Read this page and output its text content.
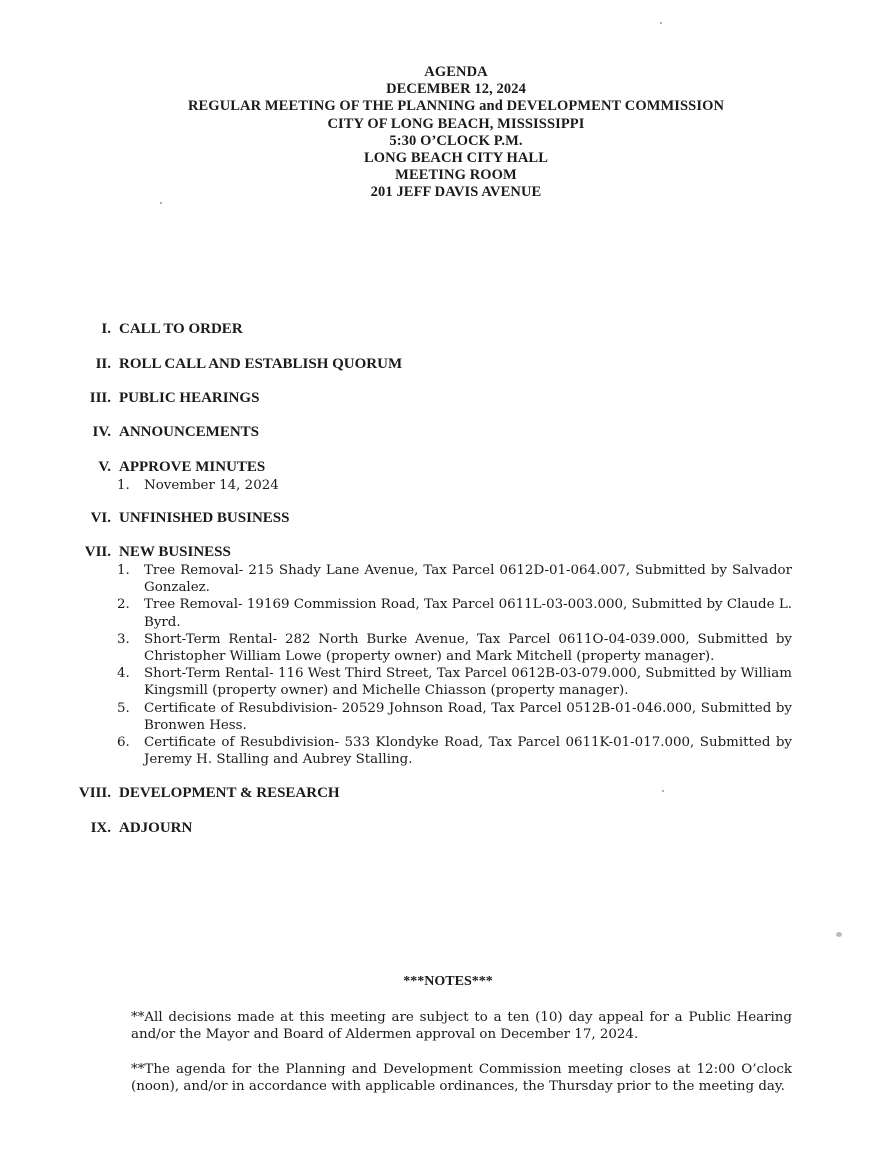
AGENDA
DECEMBER 12, 2024
REGULAR MEETING OF THE PLANNING and DEVELOPMENT COMMISSION
CITY OF LONG BEACH, MISSISSIPPI
5:30 O’CLOCK P.M.
LONG BEACH CITY HALL
MEETING ROOM
201 JEFF DAVIS AVENUE
I. CALL TO ORDER
II. ROLL CALL AND ESTABLISH QUORUM
III. PUBLIC HEARINGS
IV. ANNOUNCEMENTS
V. APPROVE MINUTES
1.	November 14, 2024
VI. UNFINISHED BUSINESS
VII. NEW BUSINESS
1.	Tree Removal- 215 Shady Lane Avenue, Tax Parcel 0612D-01-064.007, Submitted by Salvador Gonzalez.
2.	Tree Removal- 19169 Commission Road, Tax Parcel 0611L-03-003.000, Submitted by Claude L. Byrd.
3.	Short-Term Rental- 282 North Burke Avenue, Tax Parcel 0611O-04-039.000, Submitted by Christopher William Lowe (property owner) and Mark Mitchell (property manager).
4.	Short-Term Rental- 116 West Third Street, Tax Parcel 0612B-03-079.000, Submitted by William Kingsmill (property owner) and Michelle Chiasson (property manager).
5.	Certificate of Resubdivision- 20529 Johnson Road, Tax Parcel 0512B-01-046.000, Submitted by Bronwen Hess.
6.	Certificate of Resubdivision- 533 Klondyke Road, Tax Parcel 0611K-01-017.000, Submitted by Jeremy H. Stalling and Aubrey Stalling.
VIII. DEVELOPMENT & RESEARCH
IX. ADJOURN
***NOTES***
**All decisions made at this meeting are subject to a ten (10) day appeal for a Public Hearing and/or the Mayor and Board of Aldermen approval on December 17, 2024.
**The agenda for the Planning and Development Commission meeting closes at 12:00 O’clock (noon), and/or in accordance with applicable ordinances, the Thursday prior to the meeting day.
